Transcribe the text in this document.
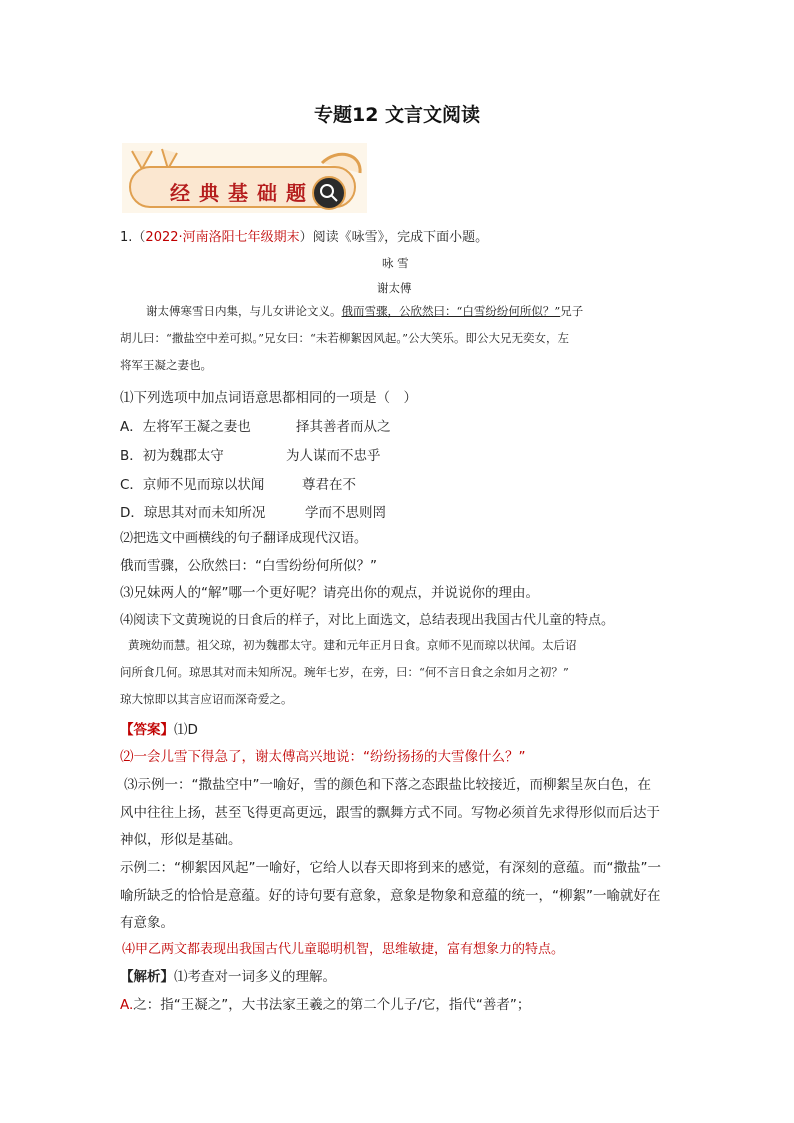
专题12 文言文阅读
经典基础题
1.（2022·河南洛阳七年级期末）阅读《咏雪》，完成下面小题。
咏 雪
谢太傅
谢太傅寒雪日内集，与儿女讲论文义。俄而雪骤，公欣然曰：“白雪纷纷何所似？”兄子
胡儿曰：“撒盐空中差可拟。”兄女曰：“未若柳絮因风起。”公大笑乐。即公大兄无奕女，左
将军王凝之妻也。
⑴下列选项中加点词语意思都相同的一项是（　）
A．左将军王凝之妻也	择其善者而从之
B．初为魏郡太守	为人谋而不忠乎
C．京师不见而琼以状闻	尊君在不
D．琼思其对而未知所况	学而不思则罔
⑵把选文中画横线的句子翻译成现代汉语。
俄而雪骤，公欣然曰：“白雪纷纷何所似？”
⑶兄妹两人的“解”哪一个更好呢？请亮出你的观点，并说说你的理由。
⑷阅读下文黄琬说的日食后的样子，对比上面选文，总结表现出我国古代儿童的特点。
黄琬幼而慧。祖父琼，初为魏郡太守。建和元年正月日食。京师不见而琼以状闻。太后诏
问所食几何。琼思其对而未知所况。琬年七岁，在旁，曰：“何不言日食之余如月之初？”
琼大惊即以其言应诏而深奇爱之。
【答案】⑴D
⑵一会儿雪下得急了，谢太傅高兴地说：“纷纷扬扬的大雪像什么？”
⑶示例一：“撒盐空中”一喻好，雪的颜色和下落之态跟盐比较接近，而柳絮呈灰白色，在
风中往往上扬，甚至飞得更高更远，跟雪的飘舞方式不同。写物必须首先求得形似而后达于
神似，形似是基础。
示例二：“柳絮因风起”一喻好，它给人以春天即将到来的感觉，有深刻的意蕴。而“撒盐”一
喻所缺乏的恰恰是意蕴。好的诗句要有意象，意象是物象和意蕴的统一，“柳絮”一喻就好在
有意象。
⑷甲乙两文都表现出我国古代儿童聪明机智，思维敏捷，富有想象力的特点。
【解析】⑴考查对一词多义的理解。
A.之：指“王凝之”，大书法家王羲之的第二个儿子/它，指代“善者”；
